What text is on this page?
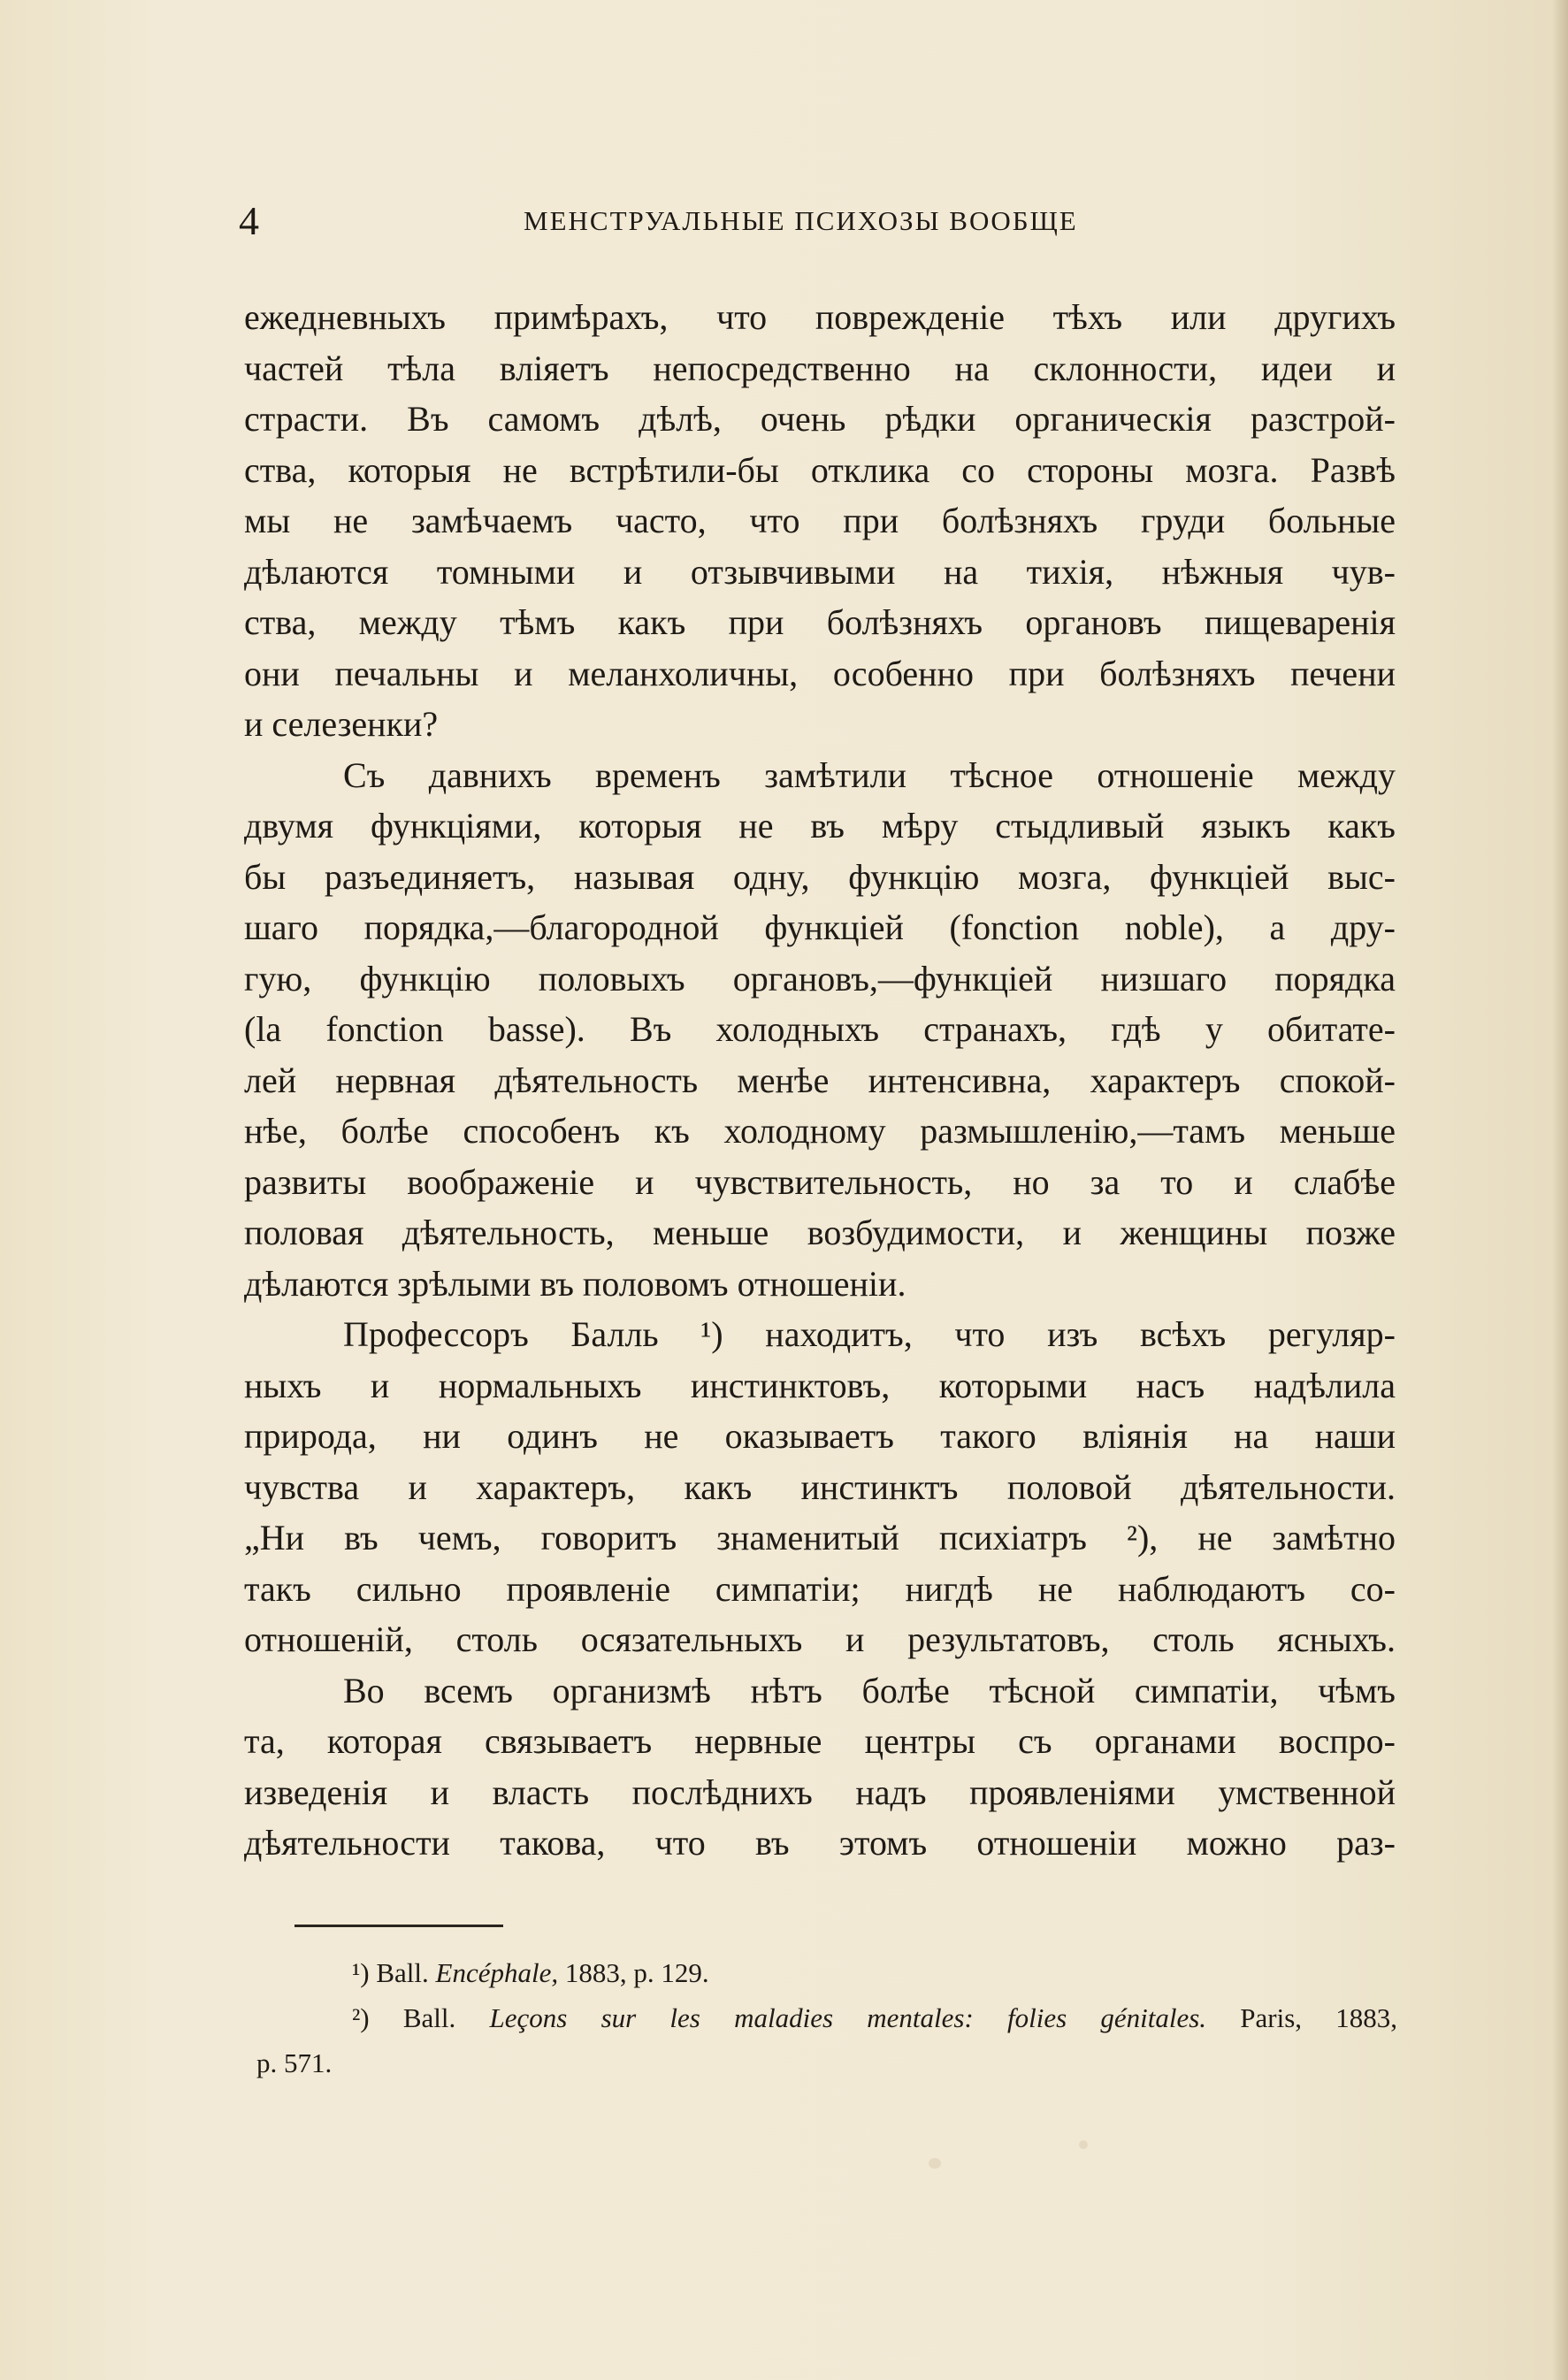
4	МЕНСТРУАЛЬНЫЕ ПСИХОЗЫ ВООБЩЕ
ежедневныхъ примѣрахъ, что поврежденіе тѣхъ или другихъ
частей тѣла вліяетъ непосредственно на склонности, идеи и
страсти. Въ самомъ дѣлѣ, очень рѣдки органическія разстрой-
ства, которыя не встрѣтили-бы отклика со стороны мозга. Развѣ
мы не замѣчаемъ часто, что при болѣзняхъ груди больные
дѣлаются томными и отзывчивыми на тихія, нѣжныя чув-
ства, между тѣмъ какъ при болѣзняхъ органовъ пищеваренія
они печальны и меланхоличны, особенно при болѣзняхъ печени
и селезенки?
Съ давнихъ временъ замѣтили тѣсное отношеніе между
двумя функціями, которыя не въ мѣру стыдливый языкъ какъ
бы разъединяетъ, называя одну, функцію мозга, функціей выс-
шаго порядка,—благородной функціей (fonction noble), а дру-
гую, функцію половыхъ органовъ,—функціей низшаго порядка
(la fonction basse). Въ холодныхъ странахъ, гдѣ у обитате-
лей нервная дѣятельность менѣе интенсивна, характеръ спокой-
нѣе, болѣе способенъ къ холодному размышленію,—тамъ меньше
развиты воображеніе и чувствительность, но за то и слабѣе
половая дѣятельность, меньше возбудимости, и женщины позже
дѣлаются зрѣлыми въ половомъ отношеніи.
Профессоръ Балль ¹) находитъ, что изъ всѣхъ регуляр-
ныхъ и нормальныхъ инстинктовъ, которыми насъ надѣлила
природа, ни одинъ не оказываетъ такого вліянія на наши
чувства и характеръ, какъ инстинктъ половой дѣятельности.
„Ни въ чемъ, говоритъ знаменитый психіатръ ²), не замѣтно
такъ сильно проявленіе симпатіи; нигдѣ не наблюдаютъ со-
отношеній, столь осязательныхъ и результатовъ, столь ясныхъ.
Во всемъ организмѣ нѣтъ болѣе тѣсной симпатіи, чѣмъ
та, которая связываетъ нервные центры съ органами воспро-
изведенія и власть послѣднихъ надъ проявленіями умственной
дѣятельности такова, что въ этомъ отношеніи можно раз-
¹) Ball. Encéphale, 1883, p. 129.
²) Ball. Leçons sur les maladies mentales: folies génitales. Paris, 1883,
p. 571.
